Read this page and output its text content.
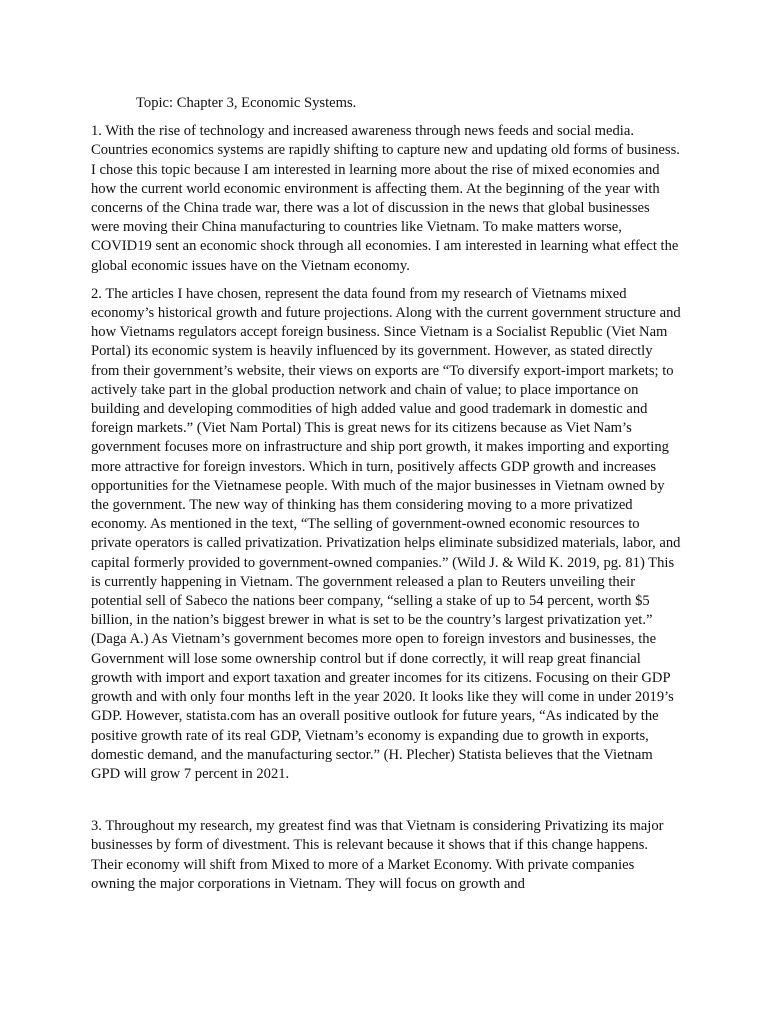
Topic: Chapter 3, Economic Systems.

1. With the rise of technology and increased awareness through news feeds and social media. Countries economics systems are rapidly shifting to capture new and updating old forms of business. I chose this topic because I am interested in learning more about the rise of mixed economies and how the current world economic environment is affecting them. At the beginning of the year with concerns of the China trade war, there was a lot of discussion in the news that global businesses were moving their China manufacturing to countries like Vietnam. To make matters worse, COVID19 sent an economic shock through all economies. I am interested in learning what effect the global economic issues have on the Vietnam economy.

2. The articles I have chosen, represent the data found from my research of Vietnams mixed economy’s historical growth and future projections. Along with the current government structure and how Vietnams regulators accept foreign business. Since Vietnam is a Socialist Republic (Viet Nam Portal) its economic system is heavily influenced by its government. However, as stated directly from their government’s website, their views on exports are “To diversify export-import markets; to actively take part in the global production network and chain of value; to place importance on building and developing commodities of high added value and good trademark in domestic and foreign markets.” (Viet Nam Portal) This is great news for its citizens because as Viet Nam’s government focuses more on infrastructure and ship port growth, it makes importing and exporting more attractive for foreign investors. Which in turn, positively affects GDP growth and increases opportunities for the Vietnamese people. With much of the major businesses in Vietnam owned by the government. The new way of thinking has them considering moving to a more privatized economy. As mentioned in the text, “The selling of government-owned economic resources to private operators is called privatization. Privatization helps eliminate subsidized materials, labor, and capital formerly provided to government-owned companies.” (Wild J. & Wild K. 2019, pg. 81) This is currently happening in Vietnam. The government released a plan to Reuters unveiling their potential sell of Sabeco the nations beer company, “selling a stake of up to 54 percent, worth $5 billion, in the nation’s biggest brewer in what is set to be the country’s largest privatization yet.” (Daga A.) As Vietnam’s government becomes more open to foreign investors and businesses, the Government will lose some ownership control but if done correctly, it will reap great financial growth with import and export taxation and greater incomes for its citizens. Focusing on their GDP growth and with only four months left in the year 2020. It looks like they will come in under 2019’s GDP. However, statista.com has an overall positive outlook for future years, “As indicated by the positive growth rate of its real GDP, Vietnam’s economy is expanding due to growth in exports, domestic demand, and the manufacturing sector.” (H. Plecher) Statista believes that the Vietnam GPD will grow 7 percent in 2021.

3. Throughout my research, my greatest find was that Vietnam is considering Privatizing its major businesses by form of divestment. This is relevant because it shows that if this change happens. Their economy will shift from Mixed to more of a Market Economy. With private companies owning the major corporations in Vietnam. They will focus on growth and
